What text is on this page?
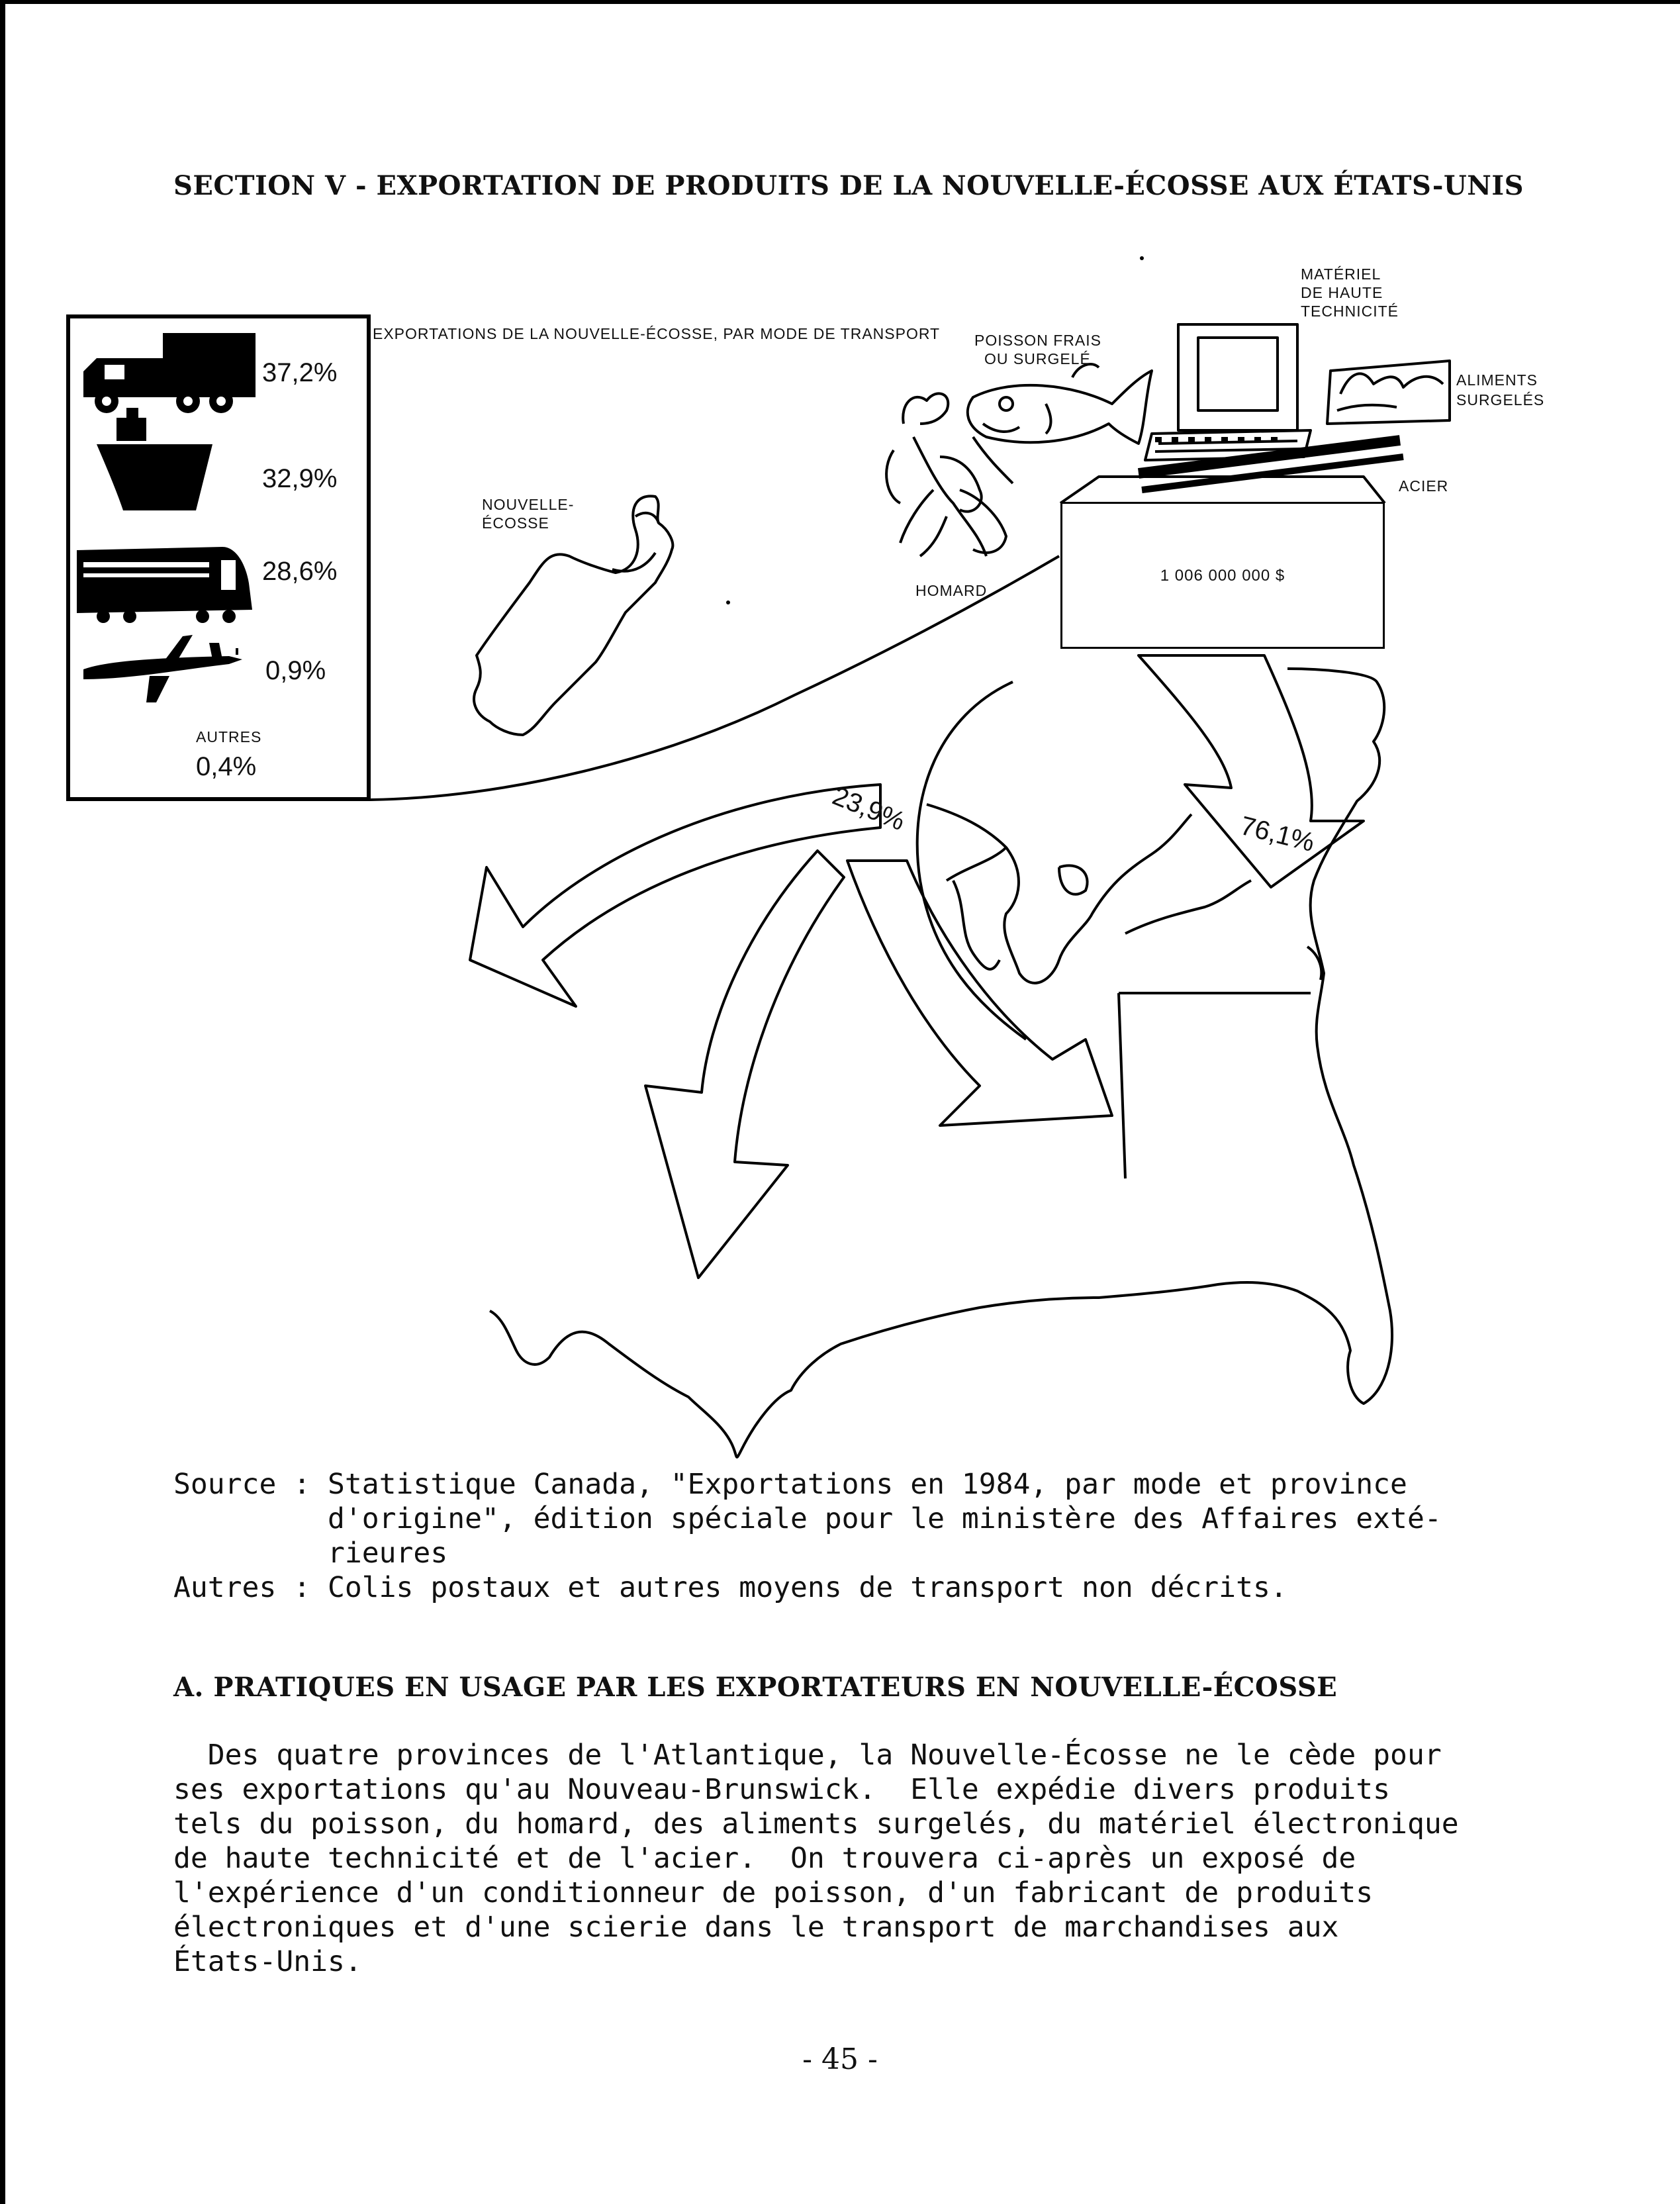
SECTION V - EXPORTATION DE PRODUITS DE LA NOUVELLE-ÉCOSSE AUX ÉTATS-UNIS
37,2%
32,9%
28,6%
0,9%
AUTRES
0,4%
EXPORTATIONS DE LA NOUVELLE-ÉCOSSE, PAR MODE DE TRANSPORT POISSON FRAIS
OU SURGELÉ
MATÉRIEL
DE HAUTE
TECHNICITÉ
ALIMENTS
SURGELÉS
ACIER
HOMARD
NOUVELLE-
ÉCOSSE
1 006 000 000 $
23,9%	76,1%
Source : Statistique Canada, "Exportations en 1984, par mode et province
d'origine", édition spéciale pour le ministère des Affaires exté-
rieures
Autres : Colis postaux et autres moyens de transport non décrits.
A. PRATIQUES EN USAGE PAR LES EXPORTATEURS EN NOUVELLE-ÉCOSSE
Des quatre provinces de l'Atlantique, la Nouvelle-Écosse ne le cède pour
ses exportations qu'au Nouveau-Brunswick.  Elle expédie divers produits
tels du poisson, du homard, des aliments surgelés, du matériel électronique
de haute technicité et de l'acier.  On trouvera ci-après un exposé de
l'expérience d'un conditionneur de poisson, d'un fabricant de produits
électroniques et d'une scierie dans le transport de marchandises aux
États-Unis.
- 45 -
